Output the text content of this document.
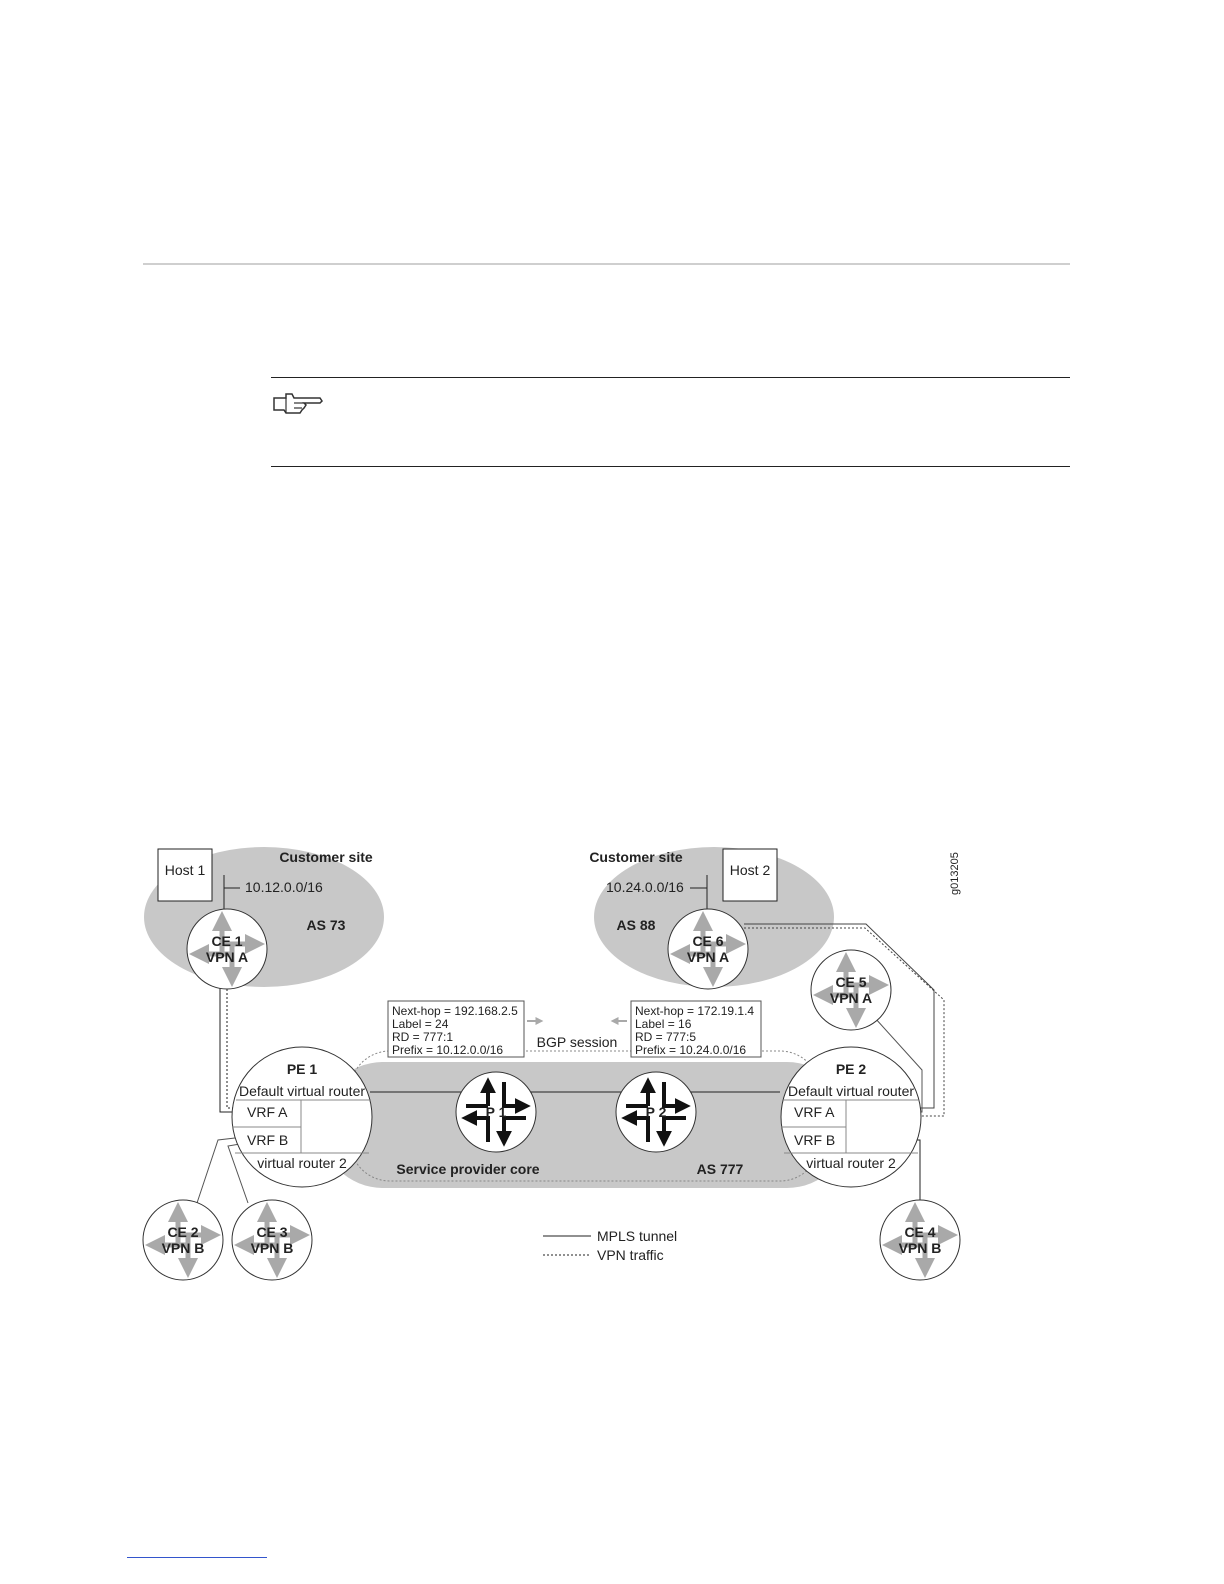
Host 1	Host 2
Customer site
10.12.0.0/16
AS 73
Customer site
10.24.0.0/16
AS 88
g013205
CE 1
VPN A
CE 2
VPN B
CE 3
VPN B
CE 4
VPN B
CE 5
VPN A
CE 6
VPN A
PE 1
Default virtual router
VRF A
VRF B
virtual router 2
PE 2
Default virtual router
VRF A
VRF B
virtual router 2
P 1	P 2
Service provider core	AS 777
Next-hop = 192.168.2.5
Label = 24
RD = 777:1
Prefix = 10.12.0.0/16
Next-hop = 172.19.1.4
Label = 16
RD = 777:5
Prefix = 10.24.0.0/16
BGP session
MPLS tunnel
VPN traffic
